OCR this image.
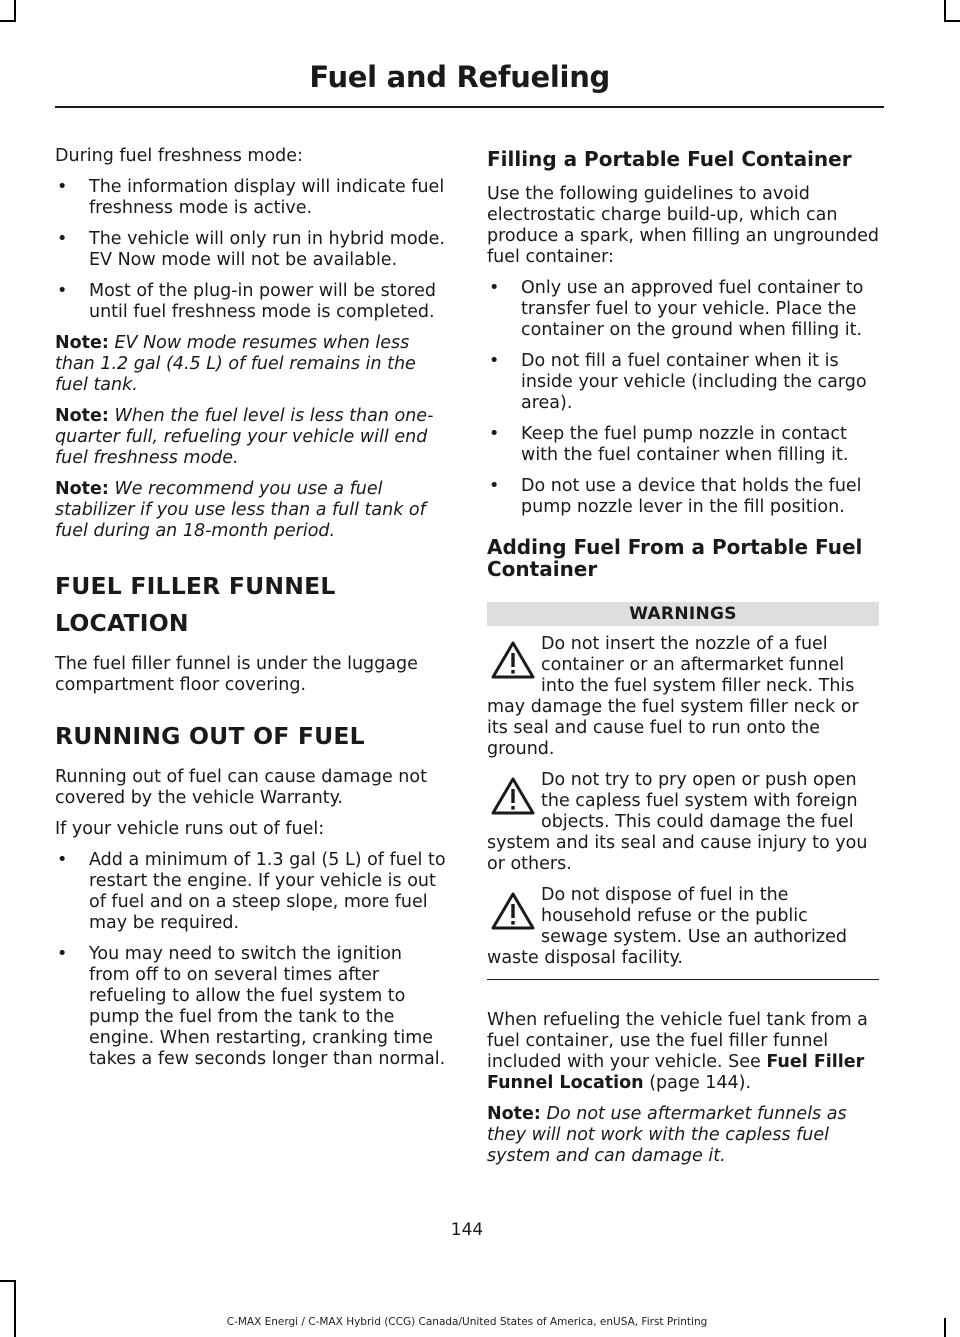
Fuel and Refueling

During fuel freshness mode:

• The information display will indicate fuel freshness mode is active.
• The vehicle will only run in hybrid mode. EV Now mode will not be available.
• Most of the plug-in power will be stored until fuel freshness mode is completed.

Note: EV Now mode resumes when less than 1.2 gal (4.5 L) of fuel remains in the fuel tank.

Note: When the fuel level is less than one-quarter full, refueling your vehicle will end fuel freshness mode.

Note: We recommend you use a fuel stabilizer if you use less than a full tank of fuel during an 18-month period.

FUEL FILLER FUNNEL
LOCATION

The fuel filler funnel is under the luggage compartment floor covering.

RUNNING OUT OF FUEL

Running out of fuel can cause damage not covered by the vehicle Warranty.

If your vehicle runs out of fuel:

• Add a minimum of 1.3 gal (5 L) of fuel to restart the engine. If your vehicle is out of fuel and on a steep slope, more fuel may be required.
• You may need to switch the ignition from off to on several times after refueling to allow the fuel system to pump the fuel from the tank to the engine. When restarting, cranking time takes a few seconds longer than normal.
Filling a Portable Fuel Container

Use the following guidelines to avoid electrostatic charge build-up, which can produce a spark, when filling an ungrounded fuel container:

• Only use an approved fuel container to transfer fuel to your vehicle. Place the container on the ground when filling it.
• Do not fill a fuel container when it is inside your vehicle (including the cargo area).
• Keep the fuel pump nozzle in contact with the fuel container when filling it.
• Do not use a device that holds the fuel pump nozzle lever in the fill position.
Adding Fuel From a Portable Fuel Container
WARNINGS
Do not insert the nozzle of a fuel container or an aftermarket funnel into the fuel system filler neck. This may damage the fuel system filler neck or its seal and cause fuel to run onto the ground.
Do not try to pry open or push open the capless fuel system with foreign objects. This could damage the fuel system and its seal and cause injury to you or others.
Do not dispose of fuel in the household refuse or the public sewage system. Use an authorized waste disposal facility.

When refueling the vehicle fuel tank from a fuel container, use the fuel filler funnel included with your vehicle. See Fuel Filler Funnel Location (page 144).

Note: Do not use aftermarket funnels as they will not work with the capless fuel system and can damage it.

144
C-MAX Energi / C-MAX Hybrid (CCG) Canada/United States of America, enUSA, First Printing
